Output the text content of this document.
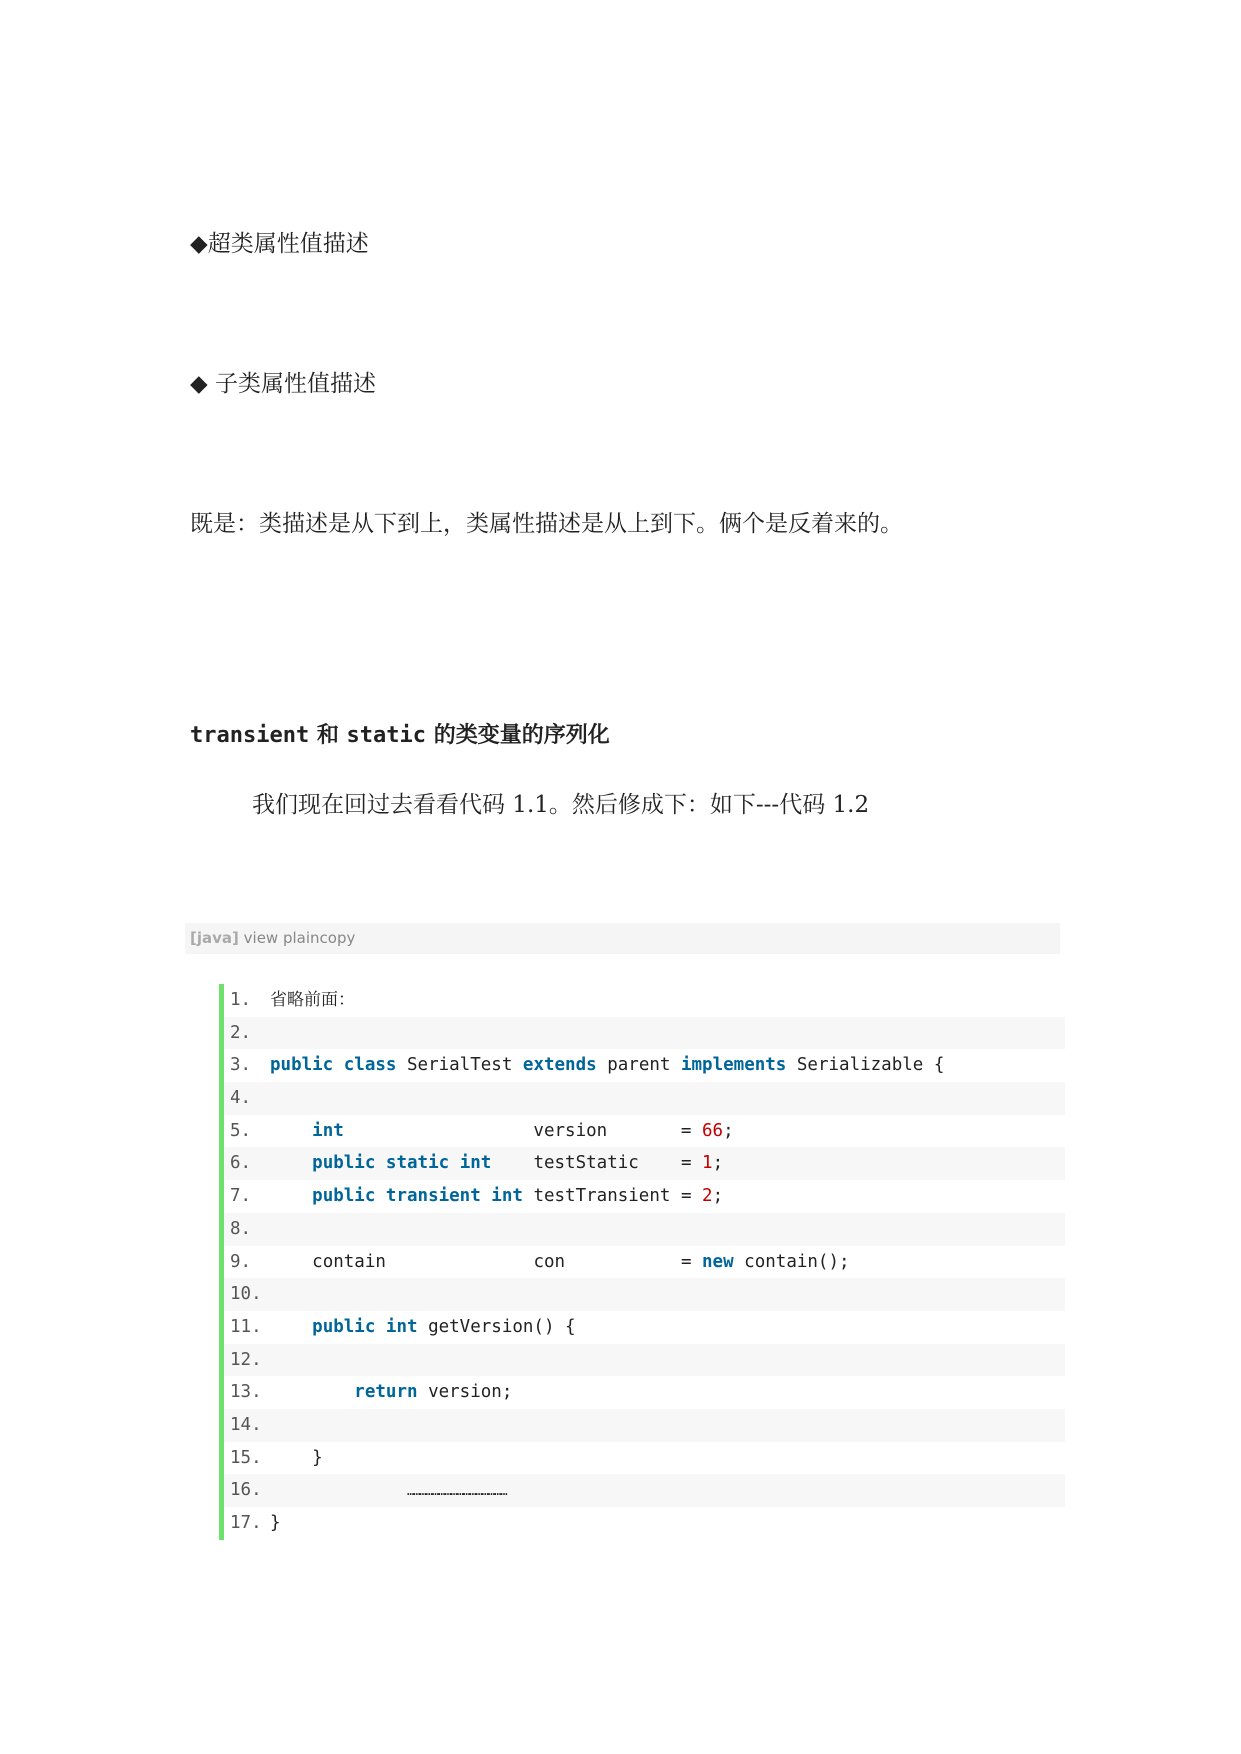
◆超类属性值描述
◆ 子类属性值描述
既是：类描述是从下到上，类属性描述是从上到下。俩个是反着来的。
transient 和 static 的类变量的序列化
我们现在回过去看看代码 1.1。然后修成下：如下---代码 1.2
[java] view plaincopy
1. 省略前面：
2.
3. public class SerialTest extends parent implements Serializable {
4.
5.	int	version       = 66;
6.	public static int testStatic    = 1;
7.	public transient int testTransient = 2;
8.
9.	contain	con           = new contain();
10.
11.	public int getVersion() {
12.
13.	return version;
14.
15.	}
16.	…………………………………………
17. }
